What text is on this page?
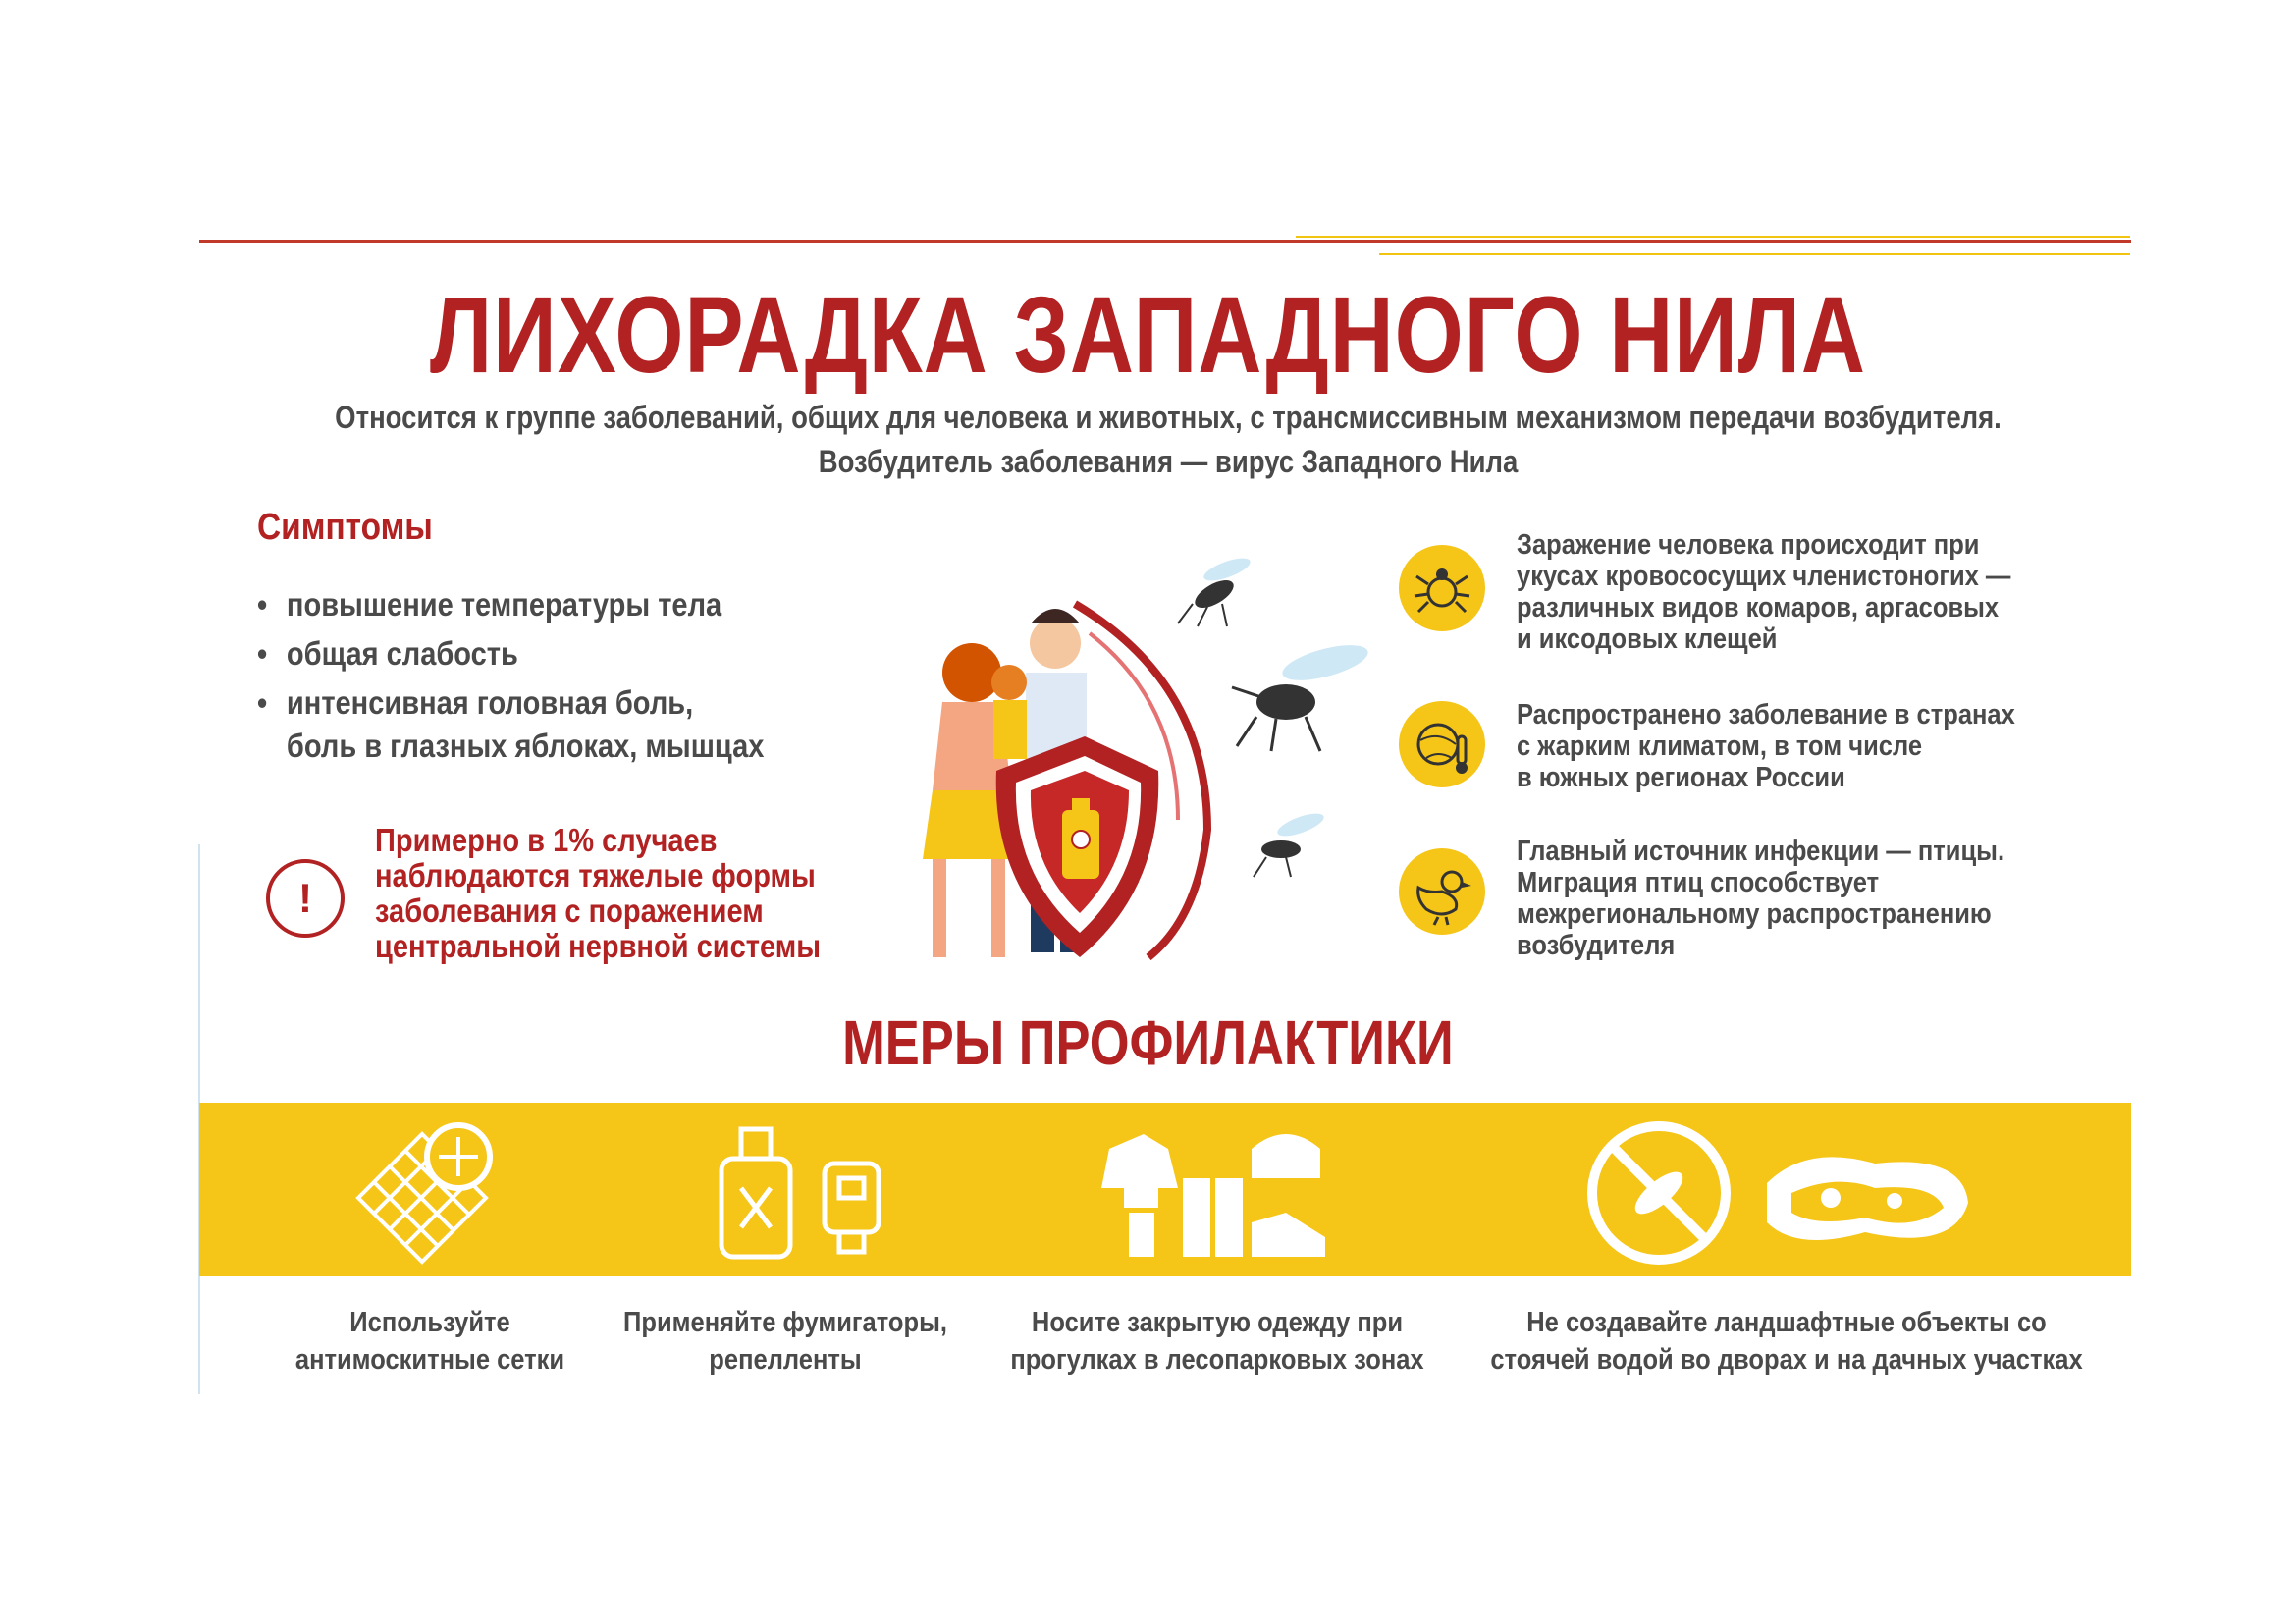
ЛИХОРАДКА ЗАПАДНОГО НИЛА
Относится к группе заболеваний, общих для человека и животных, с трансмиссивным механизмом передачи возбудителя.
Возбудитель заболевания — вирус Западного Нила
Симптомы
• повышение температуры тела
• общая слабость
• интенсивная головная боль,
боль в глазных яблоках, мышцах
!
Примерно в 1% случаев
наблюдаются тяжелые формы
заболевания с поражением
центральной нервной системы
Заражение человека происходит при
укусах кровососущих членистоногих —
различных видов комаров, аргасовых
и иксодовых клещей
Распространено заболевание в странах
с жарким климатом, в том числе
в южных регионах России
Главный источник инфекции — птицы.
Миграция птиц способствует
межрегиональному распространению
возбудителя
МЕРЫ ПРОФИЛАКТИКИ
Используйте
антимоскитные сетки
Применяйте фумигаторы,
репелленты
Носите закрытую одежду при
прогулках в лесопарковых зонах
Не создавайте ландшафтные объекты со
стоячей водой во дворах и на дачных участках
